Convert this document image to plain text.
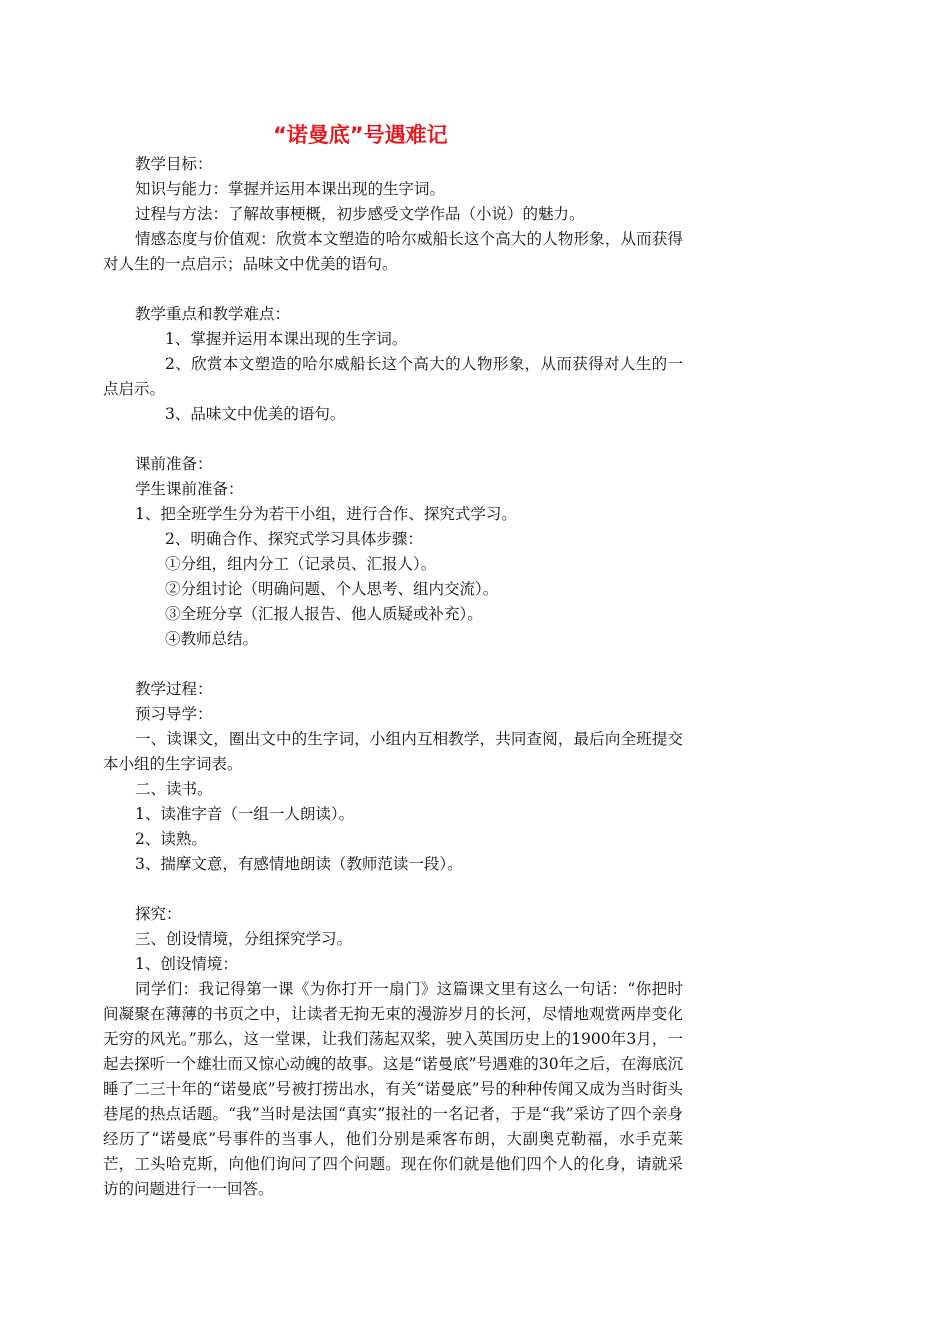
“诺曼底”号遇难记

教学目标：

知识与能力：掌握并运用本课出现的生字词。

过程与方法：了解故事梗概，初步感受文学作品（小说）的魅力。

情感态度与价值观：欣赏本文塑造的哈尔威船长这个高大的人物形象，从而获得对人生的一点启示；品味文中优美的语句。

教学重点和教学难点：

1、掌握并运用本课出现的生字词。

2、欣赏本文塑造的哈尔威船长这个高大的人物形象，从而获得对人生的一点启示。

3、品味文中优美的语句。

课前准备：

学生课前准备：

1、把全班学生分为若干小组，进行合作、探究式学习。

2、明确合作、探究式学习具体步骤：

①分组，组内分工（记录员、汇报人）。

②分组讨论（明确问题、个人思考、组内交流）。

③全班分享（汇报人报告、他人质疑或补充）。

④教师总结。

教学过程：

预习导学：

一、读课文，圈出文中的生字词，小组内互相教学，共同查阅，最后向全班提交本小组的生字词表。

二、读书。

1、读准字音（一组一人朗读）。

2、读熟。

3、揣摩文意，有感情地朗读（教师范读一段）。

探究：

三、创设情境，分组探究学习。

1、创设情境：

同学们：我记得第一课《为你打开一扇门》这篇课文里有这么一句话：“你把时间凝聚在薄薄的书页之中，让读者无拘无束的漫游岁月的长河，尽情地观赏两岸变化无穷的风光。”那么，这一堂课，让我们荡起双桨，驶入英国历史上的1900年3月，一起去探听一个雄壮而又惊心动魄的故事。这是“诺曼底”号遇难的30年之后，在海底沉睡了二三十年的“诺曼底”号被打捞出水，有关“诺曼底”号的种种传闻又成为当时街头巷尾的热点话题。“我”当时是法国“真实”报社的一名记者，于是“我”采访了四个亲身经历了“诺曼底”号事件的当事人，他们分别是乘客布朗，大副奥克勒福，水手克莱芒，工头哈克斯，向他们询问了四个问题。现在你们就是他们四个人的化身，请就采访的问题进行一一回答。
